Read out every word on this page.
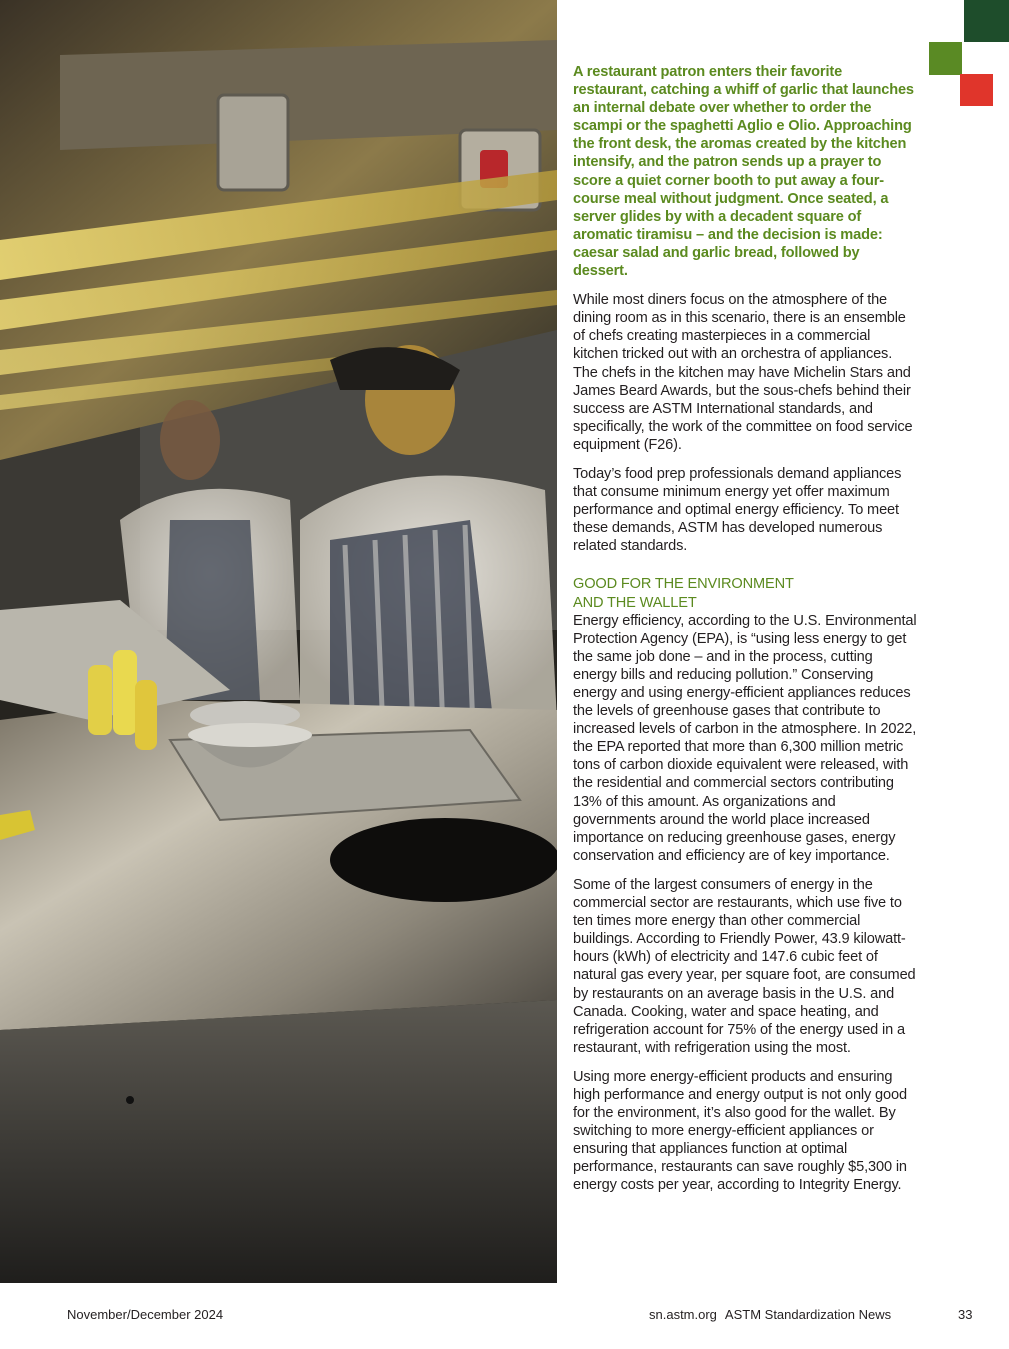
A restaurant patron enters their favorite restaurant, catching a whiff of garlic that launches an internal debate over whether to order the scampi or the spaghetti Aglio e Olio. Approaching the front desk, the aromas created by the kitchen intensify, and the patron sends up a prayer to score a quiet corner booth to put away a four-course meal without judgment. Once seated, a server glides by with a decadent square of aromatic tiramisu – and the decision is made: caesar salad and garlic bread, followed by dessert.

While most diners focus on the atmosphere of the dining room as in this scenario, there is an ensemble of chefs creating masterpieces in a commercial kitchen tricked out with an orchestra of appliances. The chefs in the kitchen may have Michelin Stars and James Beard Awards, but the sous-chefs behind their success are ASTM International standards, and specifically, the work of the committee on food service equipment (F26).

Today’s food prep professionals demand appliances that consume minimum energy yet offer maximum performance and optimal energy efficiency. To meet these demands, ASTM has developed numerous related standards.

GOOD FOR THE ENVIRONMENT
AND THE WALLET

Energy efficiency, according to the U.S. Environmental Protection Agency (EPA), is “using less energy to get the same job done – and in the process, cutting energy bills and reducing pollution.” Conserving energy and using energy-efficient appliances reduces the levels of greenhouse gases that contribute to increased levels of carbon in the atmosphere. In 2022, the EPA reported that more than 6,300 million metric tons of carbon dioxide equivalent were released, with the residential and commercial sectors contributing 13% of this amount. As organizations and governments around the world place increased importance on reducing greenhouse gases, energy conservation and efficiency are of key importance.

Some of the largest consumers of energy in the commercial sector are restaurants, which use five to ten times more energy than other commercial buildings. According to Friendly Power, 43.9 kilowatt-hours (kWh) of electricity and 147.6 cubic feet of natural gas every year, per square foot, are consumed by restaurants on an average basis in the U.S. and Canada. Cooking, water and space heating, and refrigeration account for 75% of the energy used in a restaurant, with refrigeration using the most.

Using more energy-efficient products and ensuring high performance and energy output is not only good for the environment, it’s also good for the wallet. By switching to more energy-efficient appliances or ensuring that appliances function at optimal performance, restaurants can save roughly $5,300 in energy costs per year, according to Integrity Energy.

November/December 2024	sn.astm.org ASTM Standardization News	33
